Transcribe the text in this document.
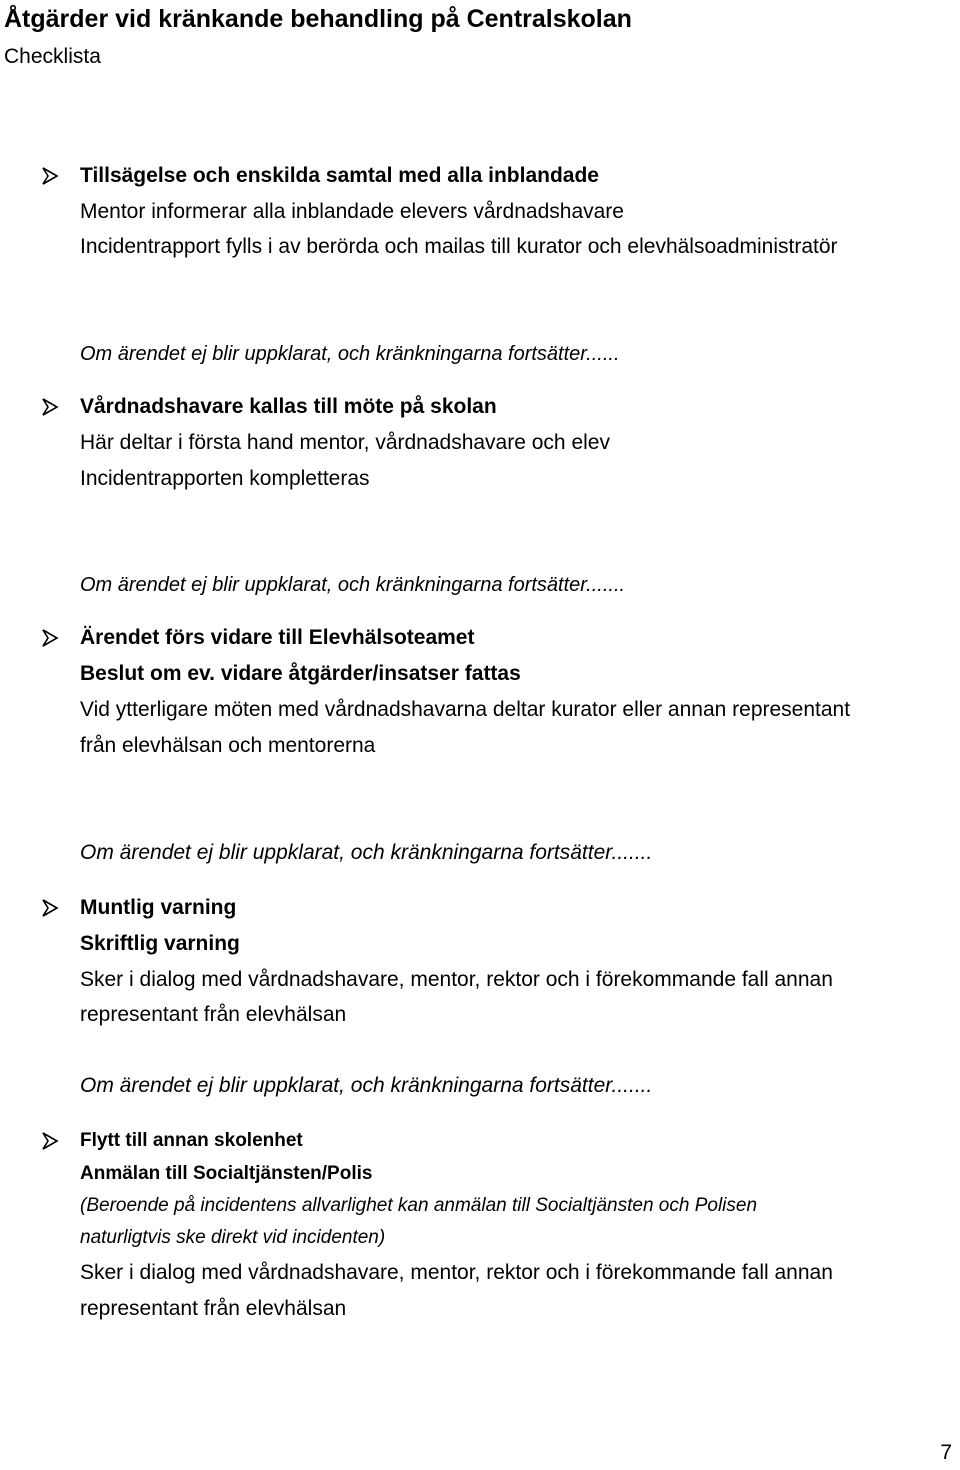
Åtgärder vid kränkande behandling på Centralskolan
Checklista
Tillsägelse och enskilda samtal med alla inblandade
Mentor informerar alla inblandade elevers vårdnadshavare
Incidentrapport fylls i av berörda och mailas till kurator och elevhälsoadministratör
Om ärendet ej blir uppklarat, och kränkningarna fortsätter......
Vårdnadshavare kallas till möte på skolan
Här deltar i första hand mentor, vårdnadshavare och elev
Incidentrapporten kompletteras
Om ärendet ej blir uppklarat, och kränkningarna fortsätter.......
Ärendet förs vidare till Elevhälsoteamet
Beslut om ev. vidare åtgärder/insatser fattas
Vid ytterligare möten med vårdnadshavarna deltar kurator eller annan representant
från elevhälsan och mentorerna
Om ärendet ej blir uppklarat, och kränkningarna fortsätter.......
Muntlig varning
Skriftlig varning
Sker i dialog med vårdnadshavare, mentor, rektor och i förekommande fall annan
representant från elevhälsan
Om ärendet ej blir uppklarat, och kränkningarna fortsätter.......
Flytt till annan skolenhet
Anmälan till Socialtjänsten/Polis
(Beroende på incidentens allvarlighet kan anmälan till Socialtjänsten och Polisen
naturligtvis ske direkt vid incidenten)
Sker i dialog med vårdnadshavare, mentor, rektor och i förekommande fall annan
representant från elevhälsan
7
